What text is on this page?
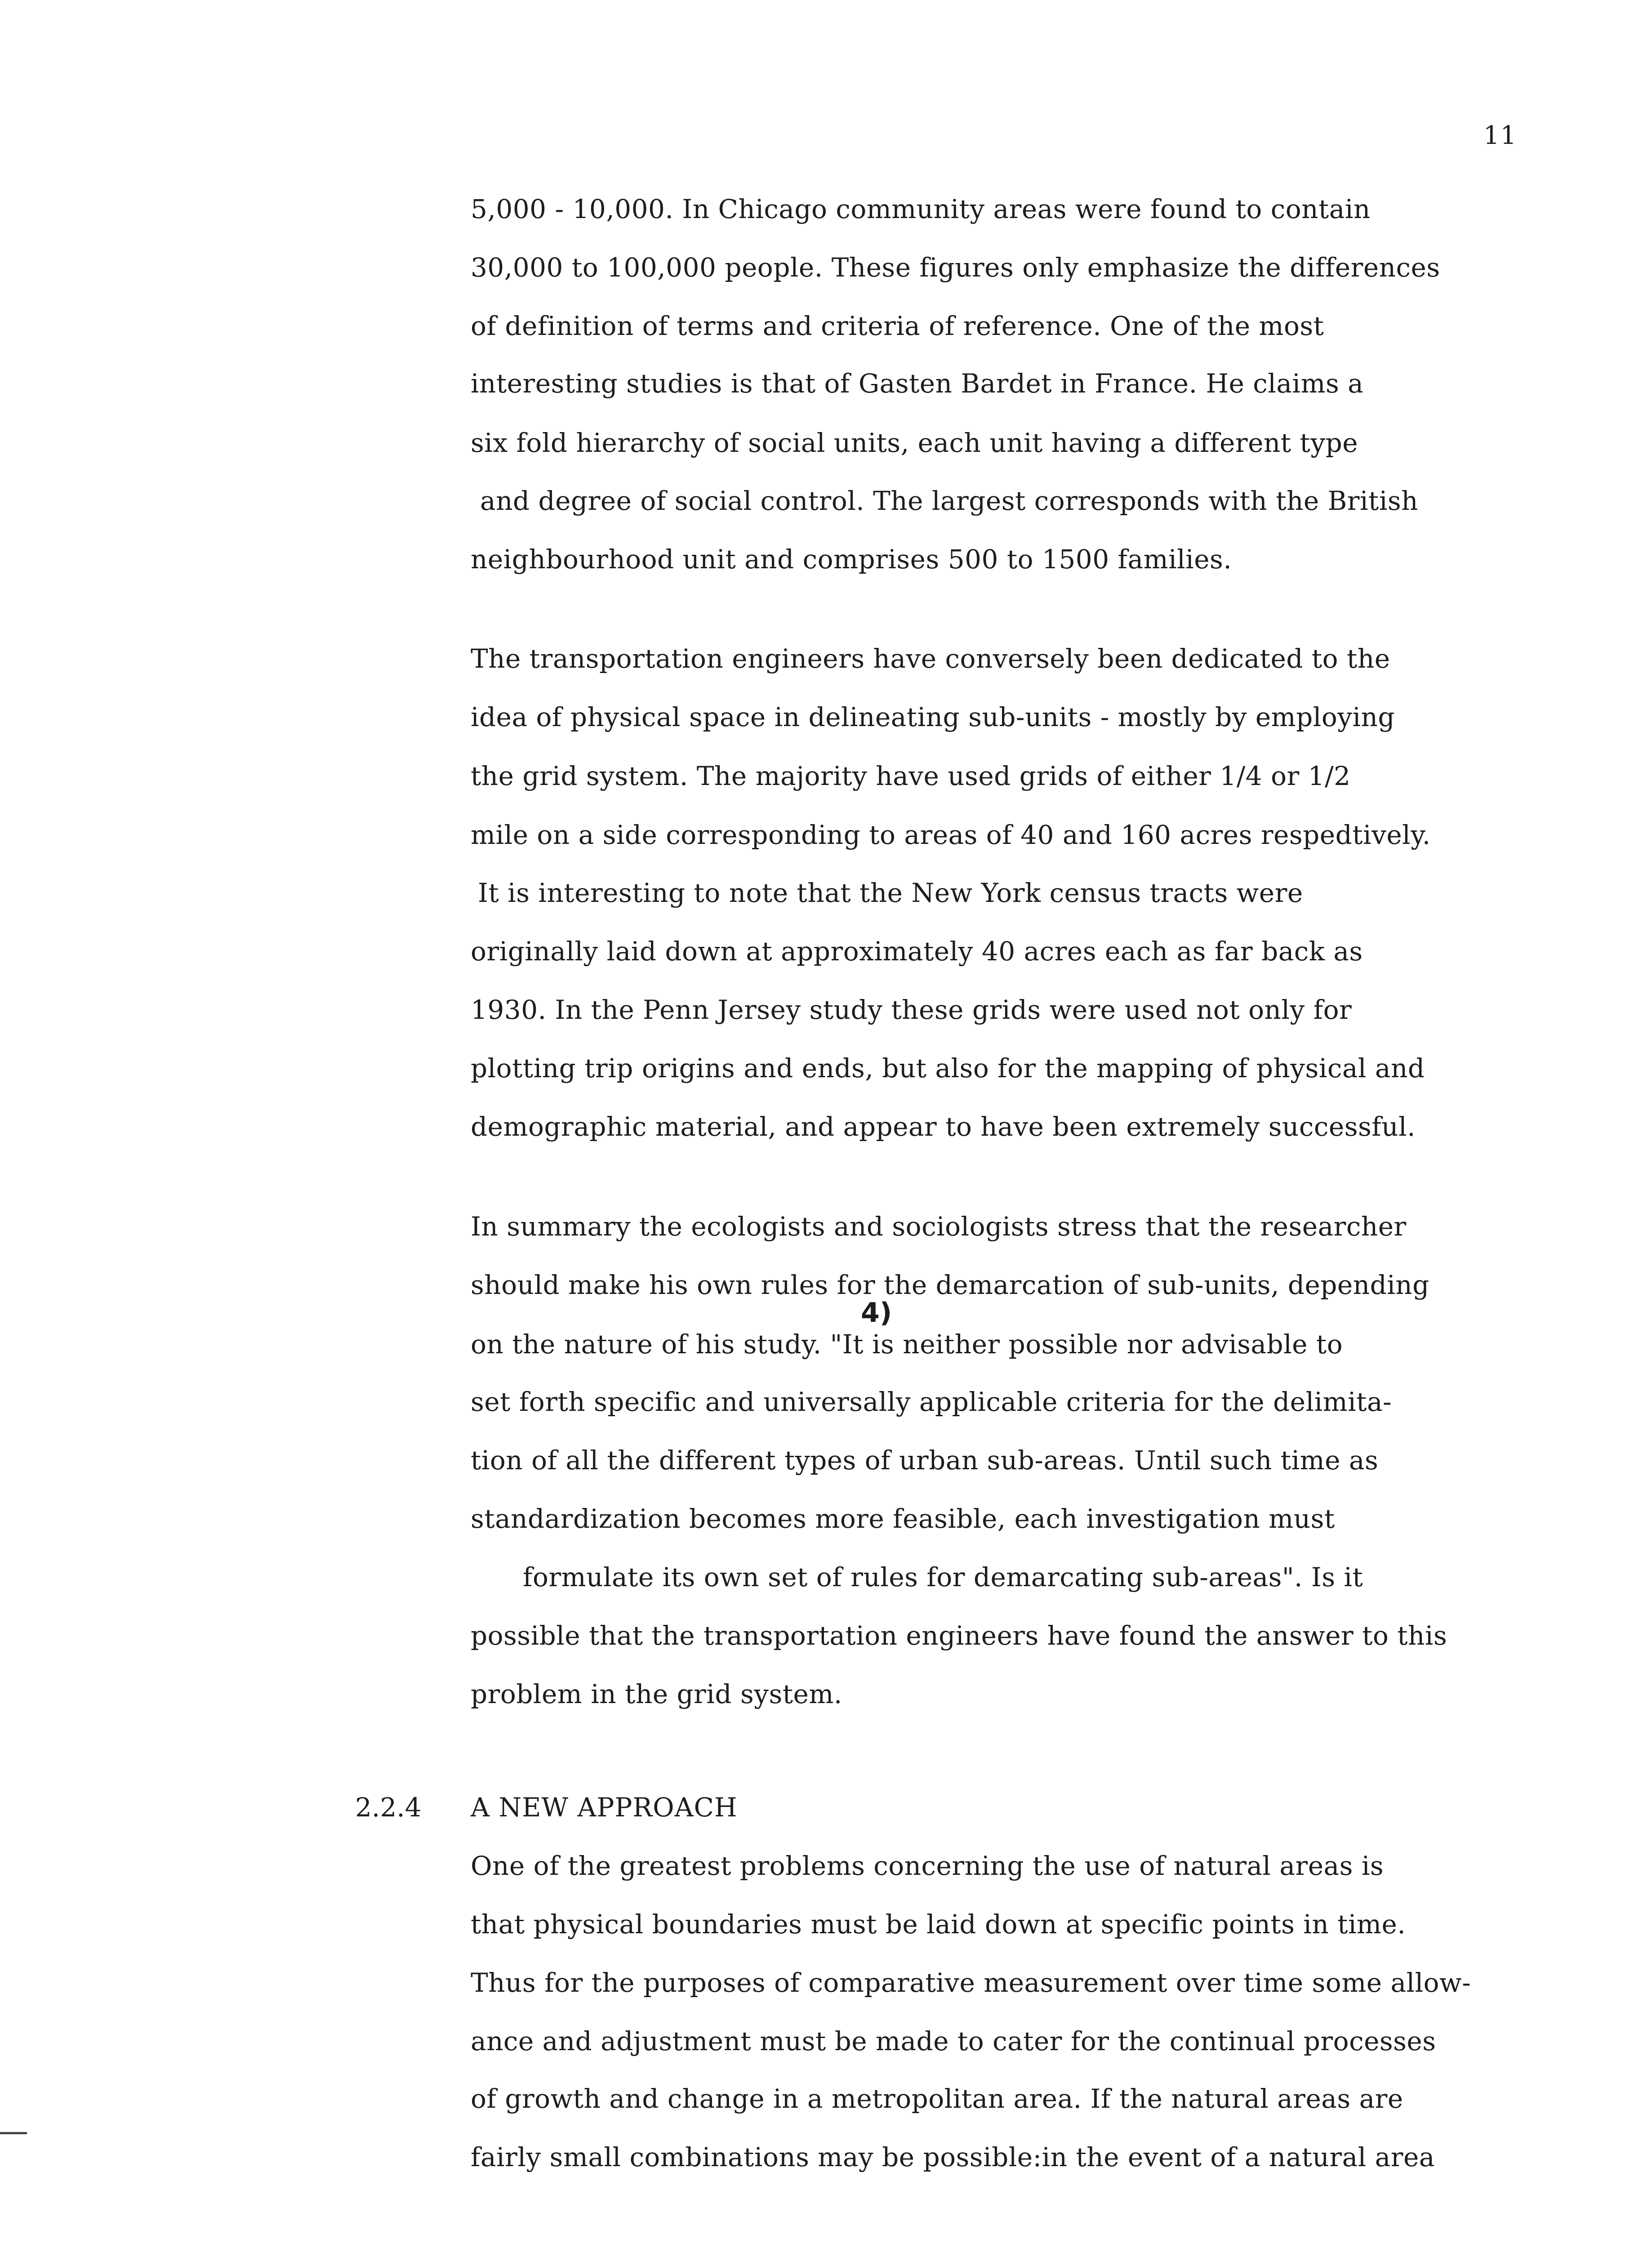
11
5,000 - 10,000. In Chicago community areas were found to contain
30,000 to 100,000 people. These figures only emphasize the differences
of definition of terms and criteria of reference. One of the most
interesting studies is that of Gasten Bardet in France. He claims a
six fold hierarchy of social units, each unit having a different type
and degree of social control. The largest corresponds with the British
neighbourhood unit and comprises 500 to 1500 families.
The transportation engineers have conversely been dedicated to the
idea of physical space in delineating sub-units - mostly by employing
the grid system. The majority have used grids of either 1/4 or 1/2
mile on a side corresponding to areas of 40 and 160 acres respedtively.
It is interesting to note that the New York census tracts were
originally laid down at approximately 40 acres each as far back as
1930. In the Penn Jersey study these grids were used not only for
plotting trip origins and ends, but also for the mapping of physical and
demographic material, and appear to have been extremely successful.
In summary the ecologists and sociologists stress that the researcher
should make his own rules for the demarcation of sub-units, depending
4)
on the nature of his study. "It is neither possible nor advisable to
set forth specific and universally applicable criteria for the delimita-
tion of all the different types of urban sub-areas. Until such time as
standardization becomes more feasible, each investigation must
formulate its own set of rules for demarcating sub-areas". Is it
possible that the transportation engineers have found the answer to this
problem in the grid system.
2.2.4 A NEW APPROACH
One of the greatest problems concerning the use of natural areas is
that physical boundaries must be laid down at specific points in time.
Thus for the purposes of comparative measurement over time some allow-
ance and adjustment must be made to cater for the continual processes
of growth and change in a metropolitan area. If the natural areas are
fairly small combinations may be possible:in the event of a natural area
